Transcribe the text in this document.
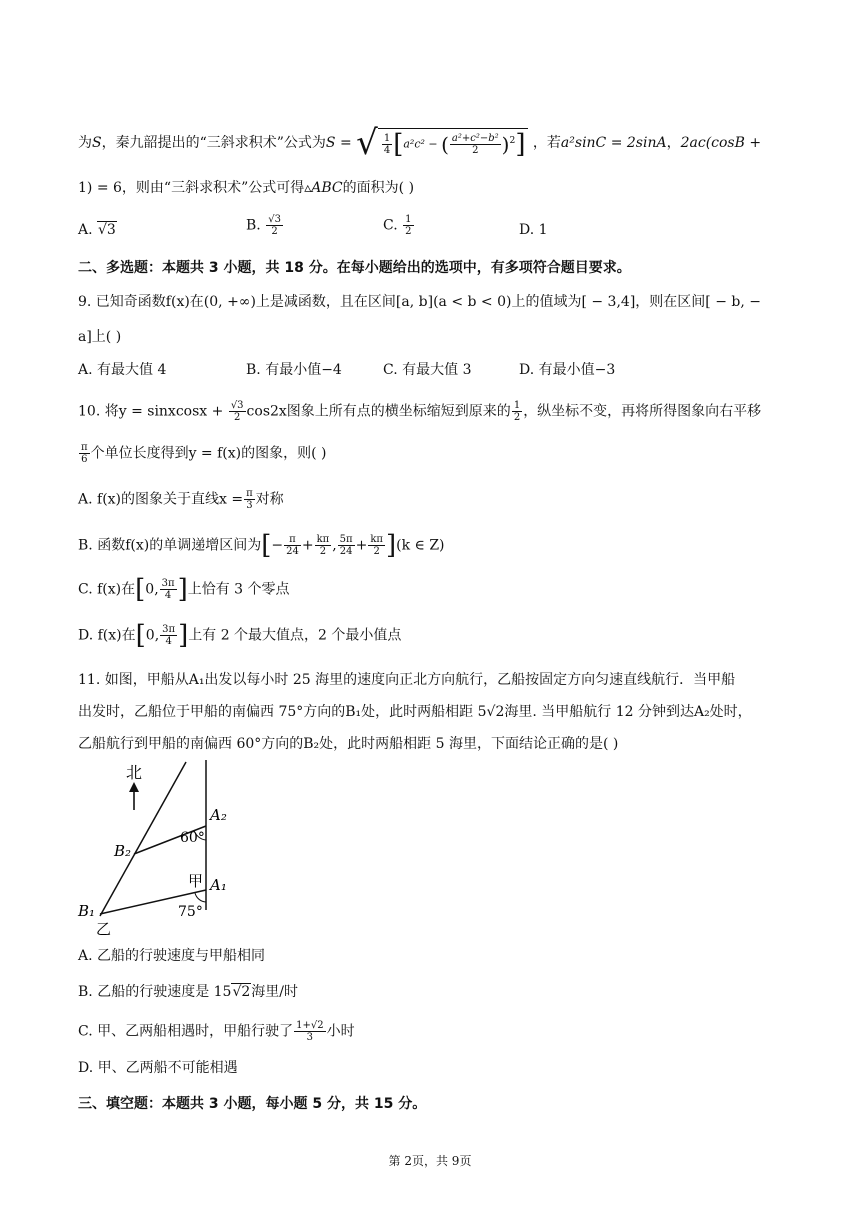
为S，秦九韶提出的“三斜求积术”公式为S = √ $\frac{1}{4} [a^2c^2$ − ( $\frac{\text{a²+c²−b²}}{2} )^2$] ，若a²sinC = 2sinA，2ac(cosB +
1) = 6，则由“三斜求积术”公式可得▵ABC的面积为( )
A. √3	B. $\frac{√3}{2}$	C. $\frac{1}{2}$	D. 1
二、多选题：本题共 3 小题，共 18 分。在每小题给出的选项中，有多项符合题目要求。
9. 已知奇函数f(x)在(0, +∞)上是减函数，且在区间[a, b](a < b < 0)上的值域为[ − 3,4]，则在区间[ − b, −
a]上( )
A. 有最大值 4	B. 有最小值−4	C. 有最大值 3	D. 有最小值−3
10. 将y = sinxcosx + $\frac{√3}{2} \cos 2x$图象上所有点的横坐标缩短到原来的 $\frac{1}{2}$ ，纵坐标不变，再将所得图象向右平移
$\frac{\pi}{6}$ 个单位长度得到y = f(x)的图象，则( )
A. f(x)的图象关于直线$x = \frac{\pi}{3}$ 对称
B. 函数f(x)的单调递增区间为[− $\frac{\pi}{24} + \frac{k\pi}{2}$ , $\frac{5\pi}{24} + \frac{k\pi}{2} ](k$ ∈ Z)
C. f(x)在[0, $\frac{3\pi}{4}$ ]上恰有 3 个零点
D. f(x)在[0, $\frac{3\pi}{4}$ ]上有 2 个最大值点，2 个最小值点
11. 如图，甲船从A₁出发以每小时 25 海里的速度向正北方向航行，乙船按固定方向匀速直线航行．当甲船
出发时，乙船位于甲船的南偏西 75°方向的B₁处，此时两船相距 5√2海里. 当甲船航行 12 分钟到达A₂处时，
乙船航行到甲船的南偏西 60°方向的B₂处，此时两船相距 5 海里，下面结论正确的是( )
北
A₂
60°
B₂
甲 A₁
75°
B₁
乙
A. 乙船的行驶速度与甲船相同
B. 乙船的行驶速度是 15√2海里/时
C. 甲、乙两船相遇时，甲船行驶了 $\frac{1+√2}{3}$ 小时
D. 甲、乙两船不可能相遇
三、填空题：本题共 3 小题，每小题 5 分，共 15 分。
第 2页，共 9页
